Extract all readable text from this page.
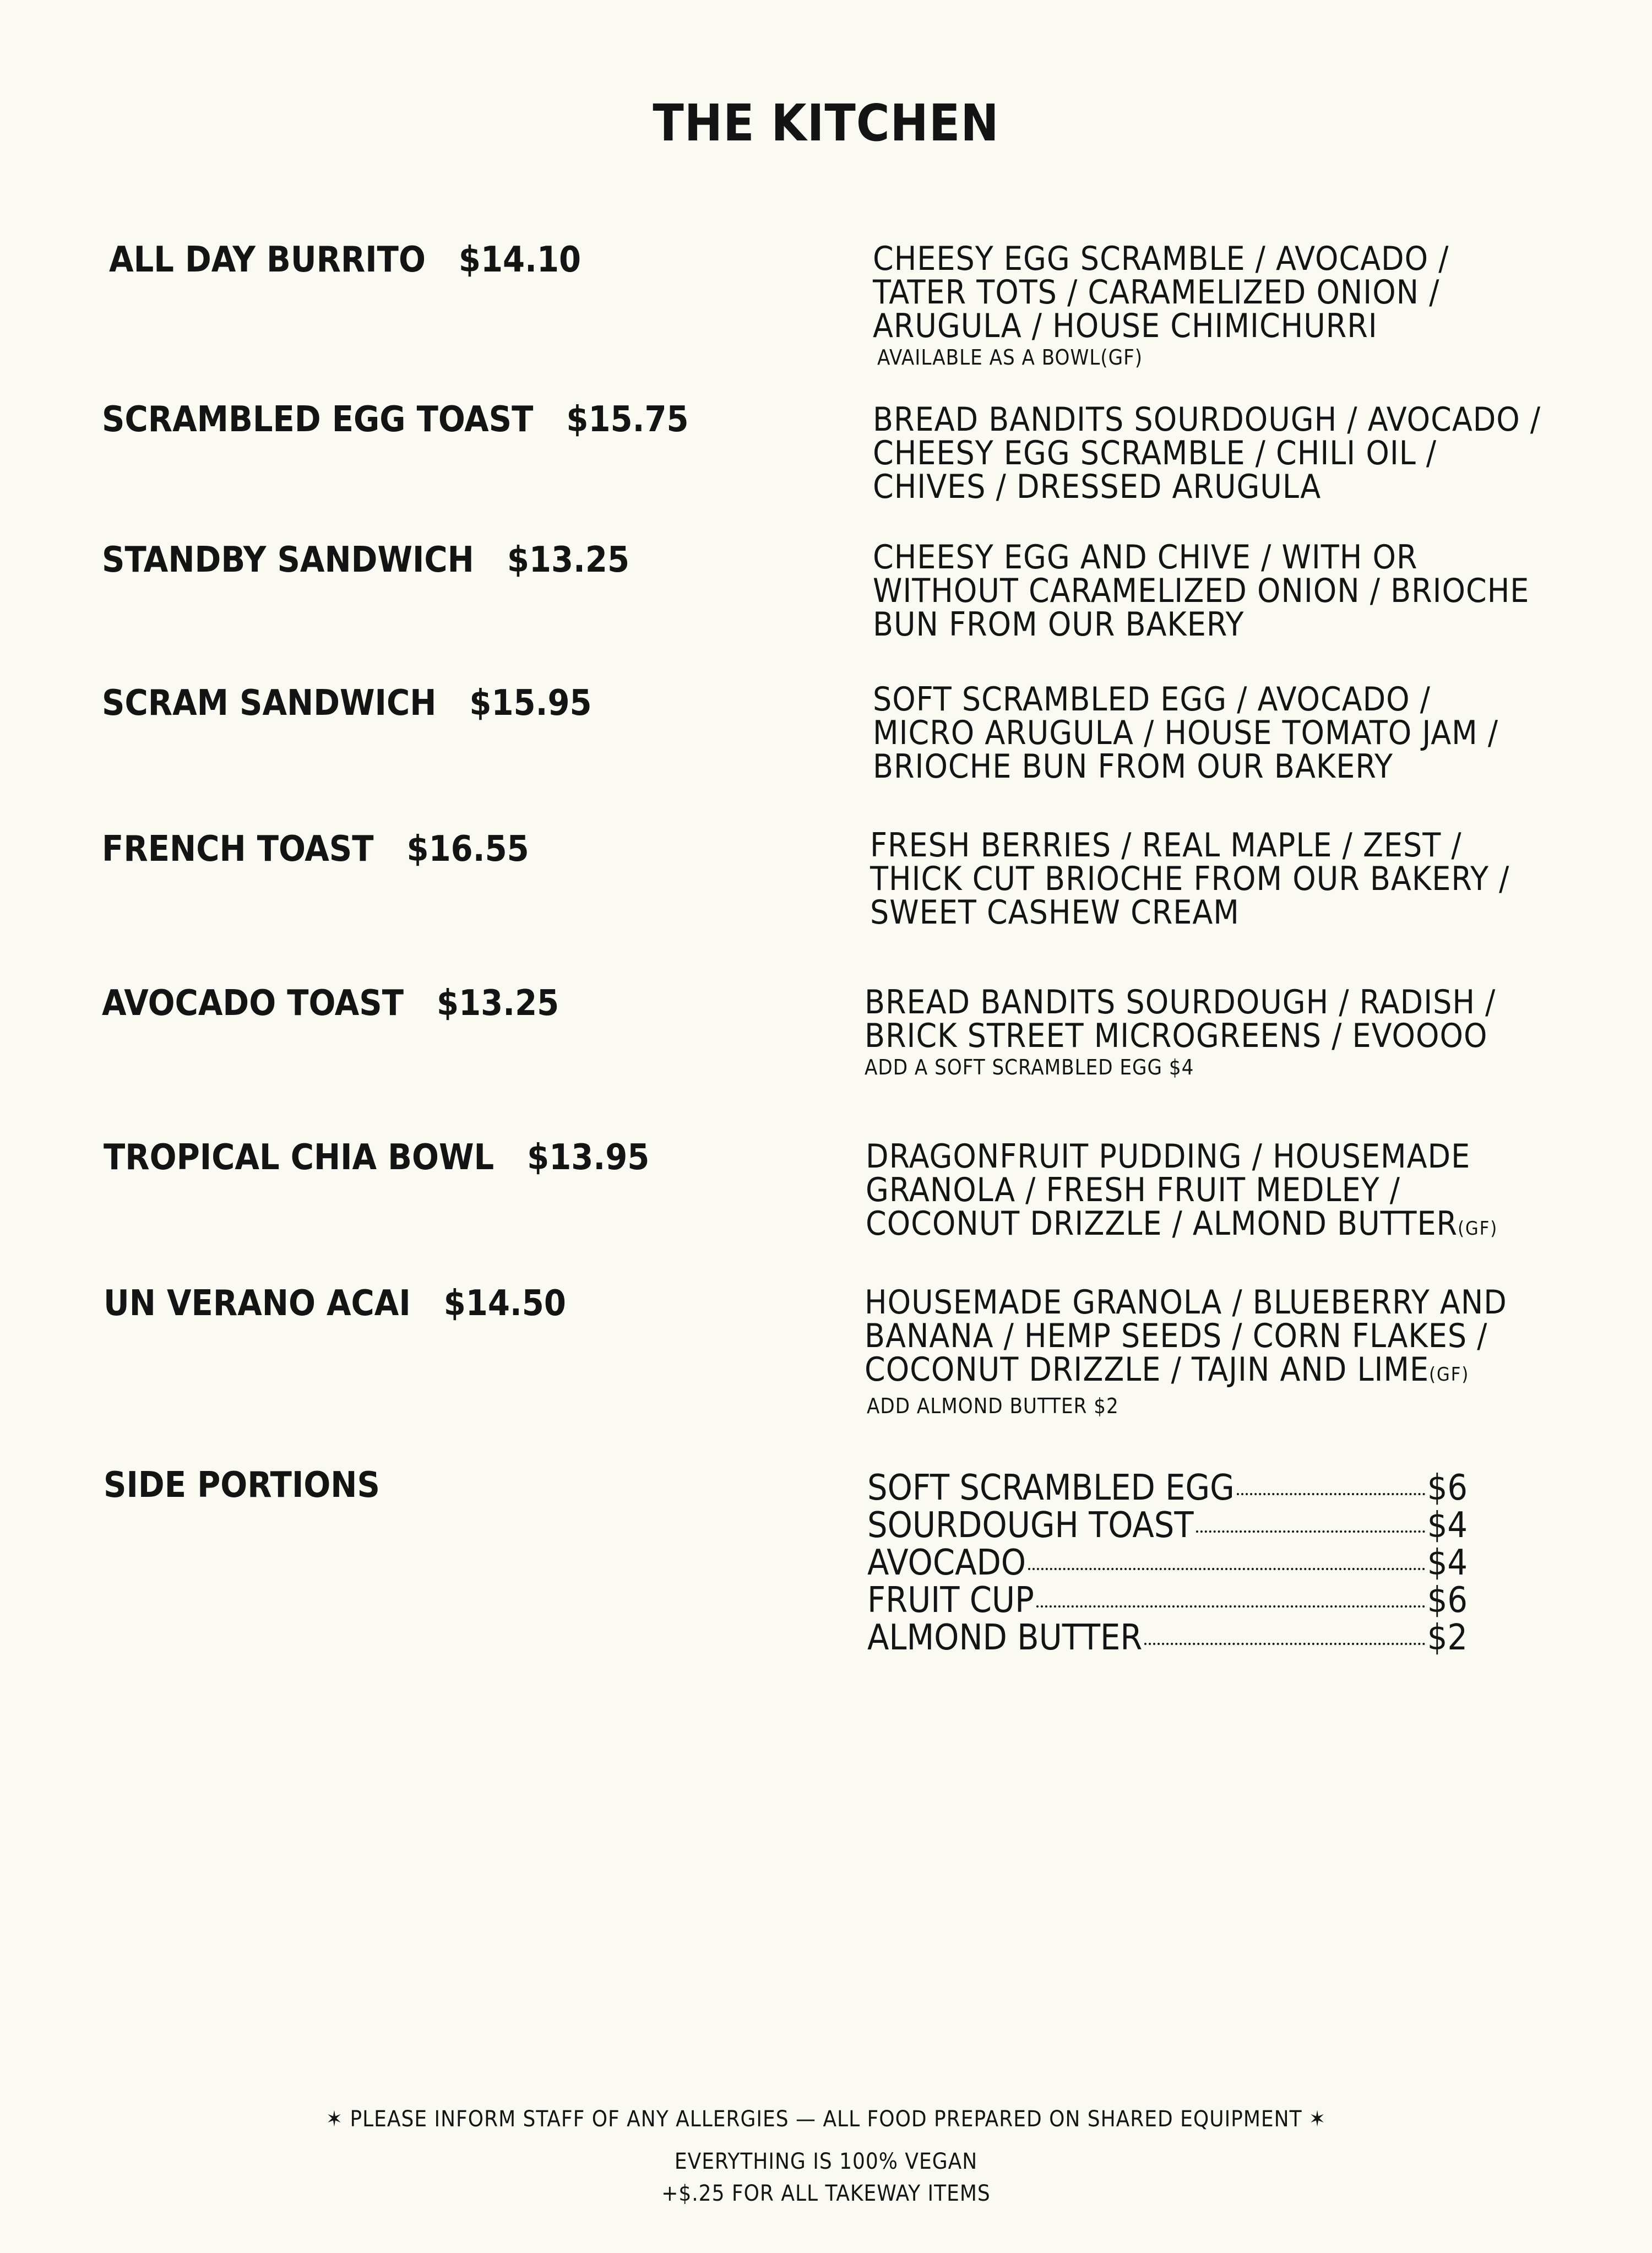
THE KITCHEN
ALL DAY BURRITO $14.10	CHEESY EGG SCRAMBLE / AVOCADO /
TATER TOTS / CARAMELIZED ONION /
ARUGULA / HOUSE CHIMICHURRI
AVAILABLE AS A BOWL(GF)
SCRAMBLED EGG TOAST $15.75	BREAD BANDITS SOURDOUGH / AVOCADO /
CHEESY EGG SCRAMBLE / CHILI OIL /
CHIVES / DRESSED ARUGULA
STANDBY SANDWICH $13.25	CHEESY EGG AND CHIVE / WITH OR
WITHOUT CARAMELIZED ONION / BRIOCHE
BUN FROM OUR BAKERY
SCRAM SANDWICH $15.95	SOFT SCRAMBLED EGG / AVOCADO /
MICRO ARUGULA / HOUSE TOMATO JAM /
BRIOCHE BUN FROM OUR BAKERY
FRENCH TOAST $16.55	FRESH BERRIES / REAL MAPLE / ZEST /
THICK CUT BRIOCHE FROM OUR BAKERY /
SWEET CASHEW CREAM
AVOCADO TOAST $13.25	BREAD BANDITS SOURDOUGH / RADISH /
BRICK STREET MICROGREENS / EVOOOO
ADD A SOFT SCRAMBLED EGG $4
TROPICAL CHIA BOWL $13.95	DRAGONFRUIT PUDDING / HOUSEMADE
GRANOLA / FRESH FRUIT MEDLEY /
COCONUT DRIZZLE / ALMOND BUTTER(GF)
UN VERANO ACAI $14.50	HOUSEMADE GRANOLA / BLUEBERRY AND
BANANA / HEMP SEEDS / CORN FLAKES /
COCONUT DRIZZLE / TAJIN AND LIME(GF)
ADD ALMOND BUTTER $2
SIDE PORTIONS	SOFT SCRAMBLED EGG	$6
SOURDOUGH TOAST	$4
AVOCADO	$4
FRUIT CUP	$6
ALMOND BUTTER	$2
✶ PLEASE INFORM STAFF OF ANY ALLERGIES — ALL FOOD PREPARED ON SHARED EQUIPMENT ✶
EVERYTHING IS 100% VEGAN
+$.25 FOR ALL TAKEWAY ITEMS
